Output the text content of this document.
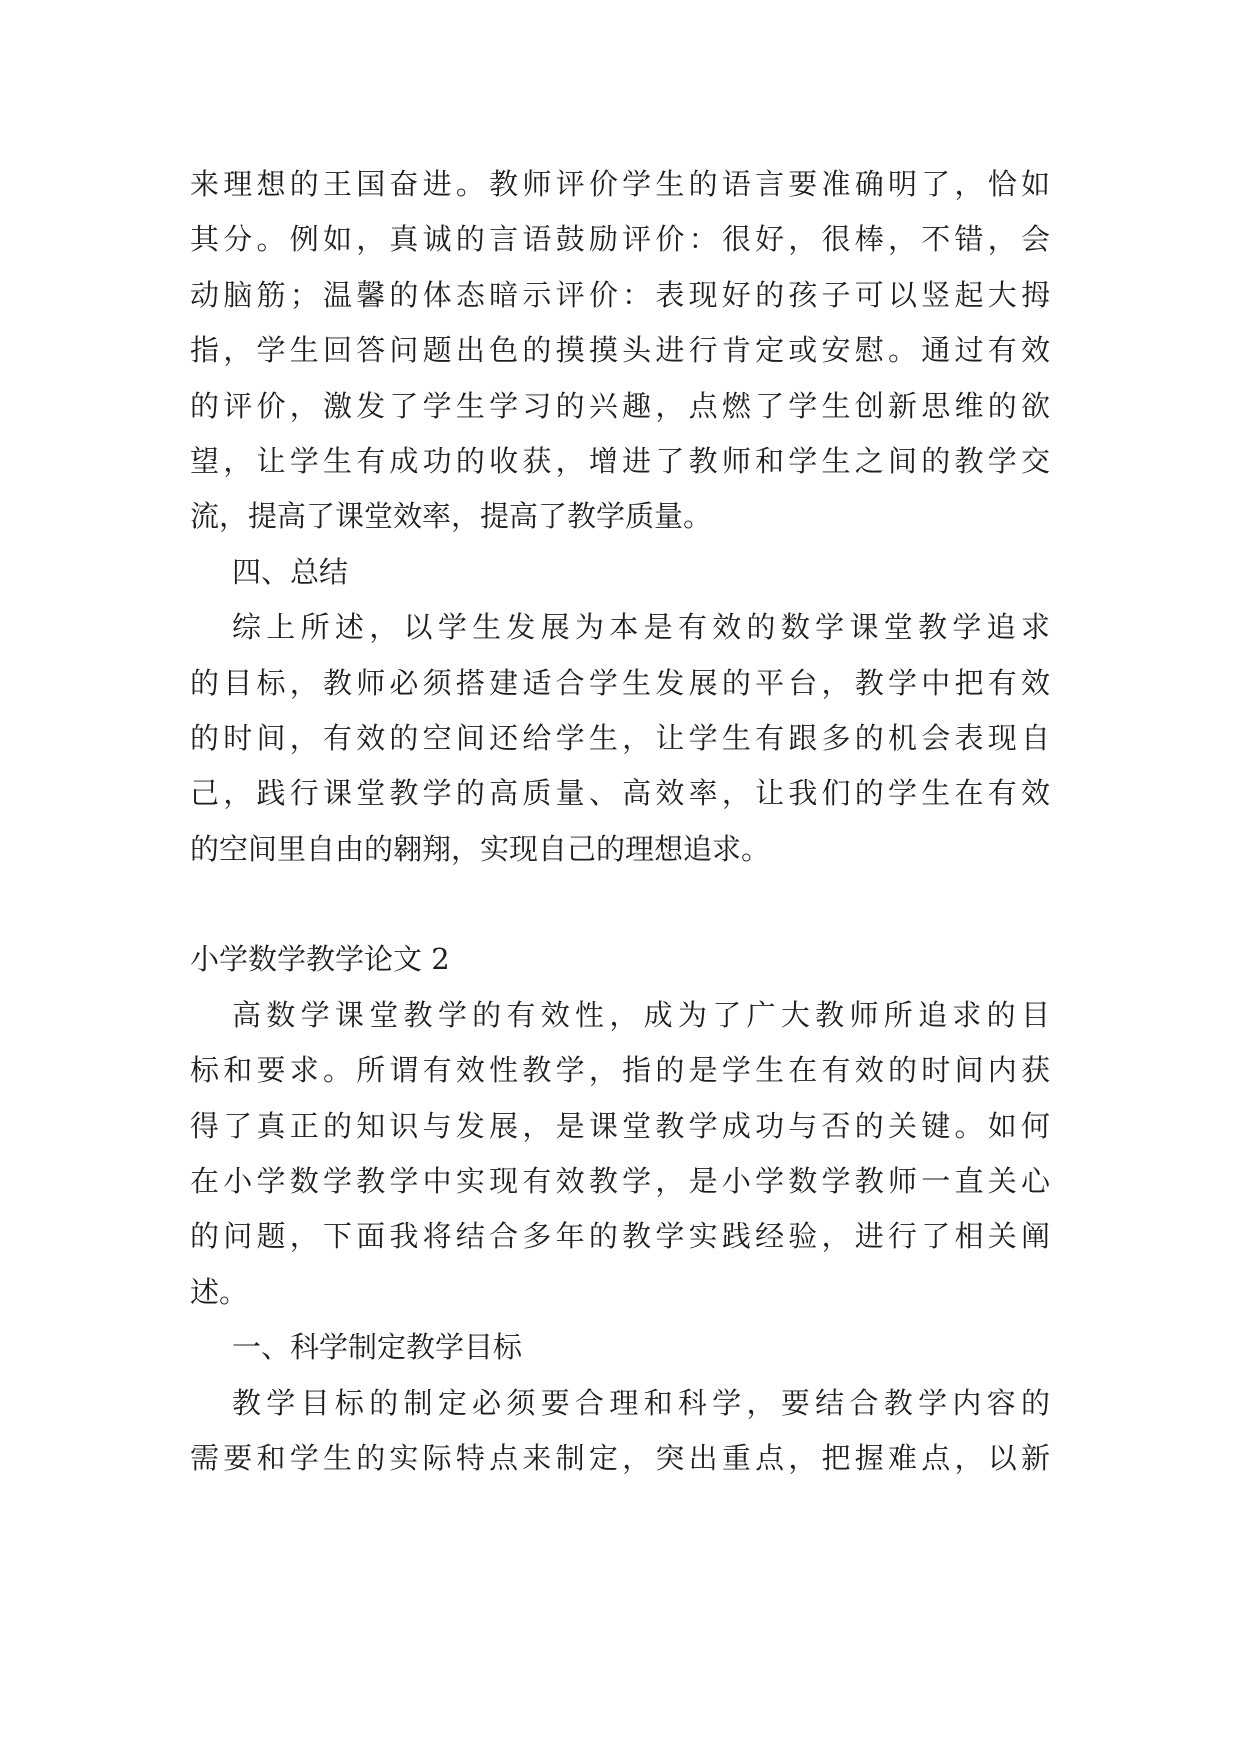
来理想的王国奋进。教师评价学生的语言要准确明了，恰如
其分。例如，真诚的言语鼓励评价：很好，很棒，不错，会
动脑筋；温馨的体态暗示评价：表现好的孩子可以竖起大拇
指，学生回答问题出色的摸摸头进行肯定或安慰。通过有效
的评价，激发了学生学习的兴趣，点燃了学生创新思维的欲
望，让学生有成功的收获，增进了教师和学生之间的教学交
流，提高了课堂效率，提高了教学质量。
四、总结
综上所述，以学生发展为本是有效的数学课堂教学追求
的目标，教师必须搭建适合学生发展的平台，教学中把有效
的时间，有效的空间还给学生，让学生有跟多的机会表现自
己，践行课堂教学的高质量、高效率，让我们的学生在有效
的空间里自由的翱翔，实现自己的理想追求。
小学数学教学论文 2
高数学课堂教学的有效性，成为了广大教师所追求的目
标和要求。所谓有效性教学，指的是学生在有效的时间内获
得了真正的知识与发展，是课堂教学成功与否的关键。如何
在小学数学教学中实现有效教学，是小学数学教师一直关心
的问题，下面我将结合多年的教学实践经验，进行了相关阐
述。
一、科学制定教学目标
教学目标的制定必须要合理和科学，要结合教学内容的
需要和学生的实际特点来制定，突出重点，把握难点，以新
